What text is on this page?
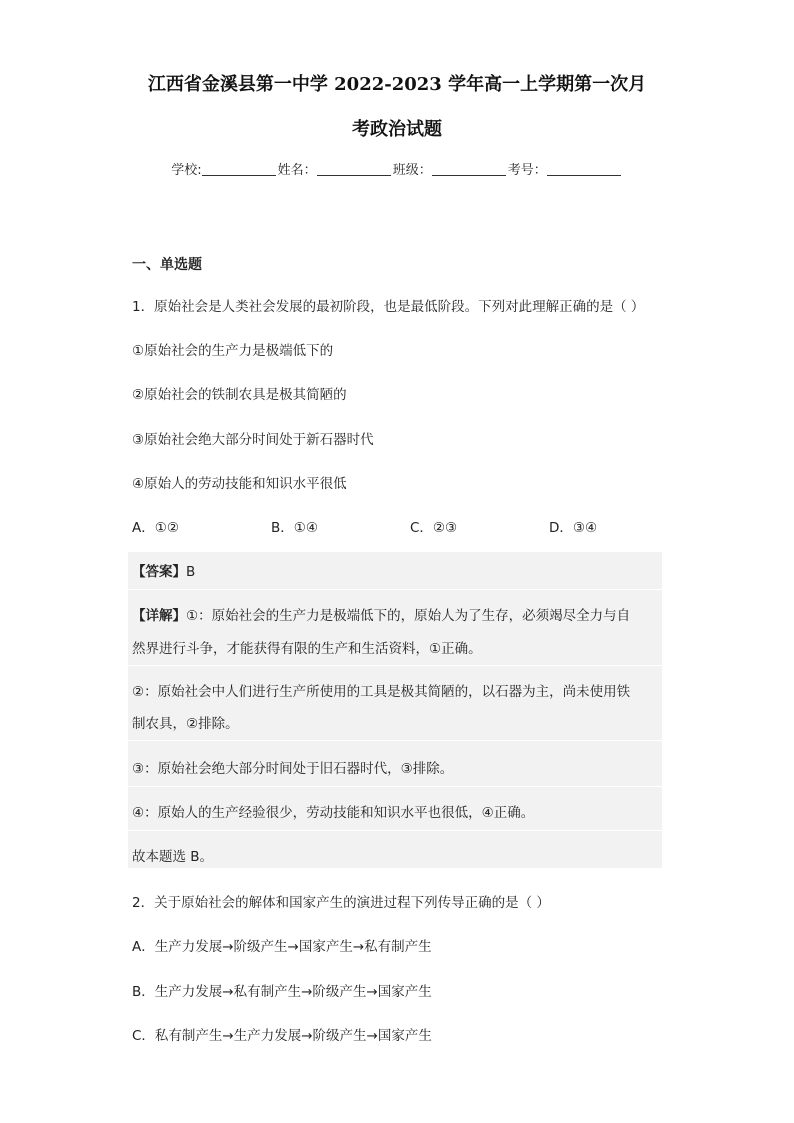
江西省金溪县第一中学 2022-2023 学年高一上学期第一次月
考政治试题
学校:	姓名：	班级：	考号：
一、单选题
1．原始社会是人类社会发展的最初阶段，也是最低阶段。下列对此理解正确的是（ ）
①原始社会的生产力是极端低下的
②原始社会的铁制农具是极其简陋的
③原始社会绝大部分时间处于新石器时代
④原始人的劳动技能和知识水平很低
A．①②	B．①④	C．②③	D．③④
【答案】B
【详解】①：原始社会的生产力是极端低下的，原始人为了生存，必须竭尽全力与自
然界进行斗争，才能获得有限的生产和生活资料，①正确。
②：原始社会中人们进行生产所使用的工具是极其简陋的，以石器为主，尚未使用铁
制农具，②排除。
③：原始社会绝大部分时间处于旧石器时代，③排除。
④：原始人的生产经验很少，劳动技能和知识水平也很低，④正确。
故本题选 B。
2．关于原始社会的解体和国家产生的演进过程下列传导正确的是（ ）
A．生产力发展→阶级产生→国家产生→私有制产生
B．生产力发展→私有制产生→阶级产生→国家产生
C．私有制产生→生产力发展→阶级产生→国家产生
